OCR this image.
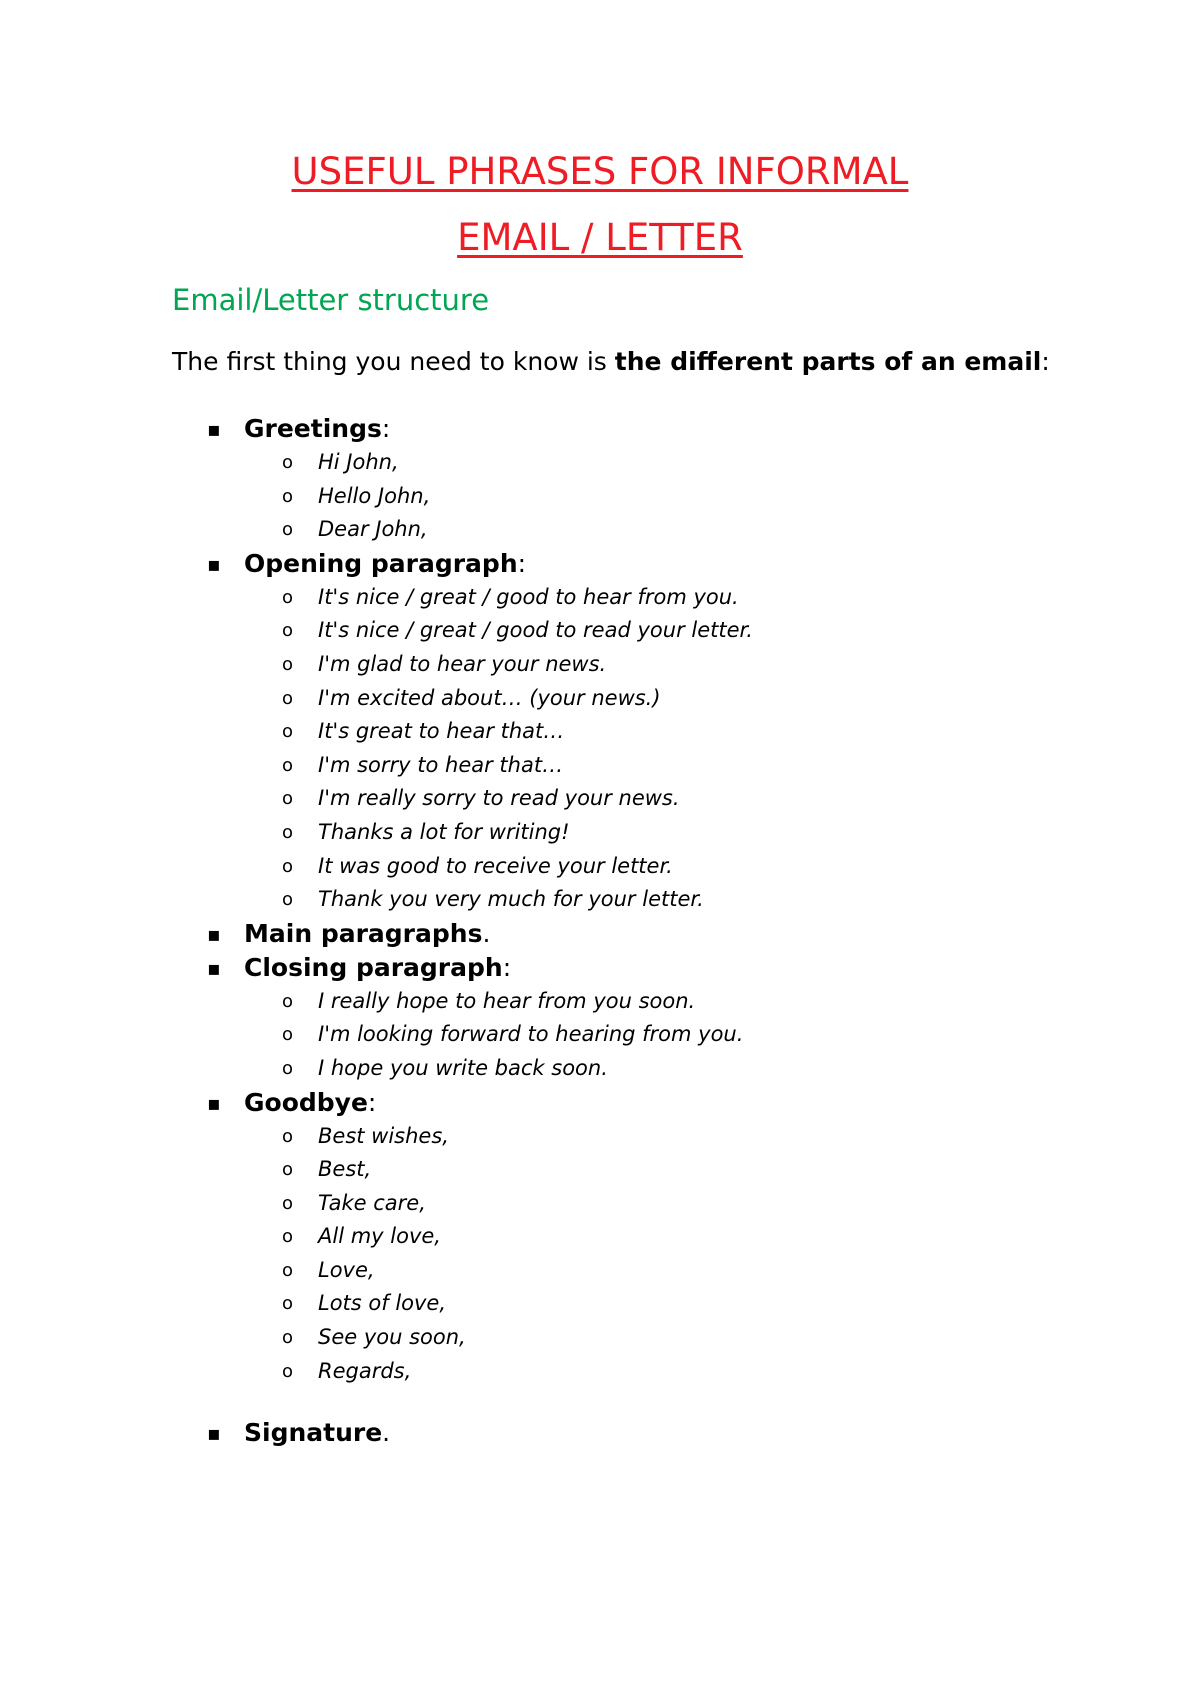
USEFUL PHRASES FOR INFORMAL
EMAIL / LETTER
Email/Letter structure

The first thing you need to know is the different parts of an email:

▪ Greetings:
o Hi John,
o Hello John,
o Dear John,
▪ Opening paragraph:
o It's nice / great / good to hear from you.
o It's nice / great / good to read your letter.
o I'm glad to hear your news.
o I'm excited about… (your news.)
o It's great to hear that…
o I'm sorry to hear that…
o I'm really sorry to read your news.
o Thanks a lot for writing!
o It was good to receive your letter.
o Thank you very much for your letter.
▪ Main paragraphs.
▪ Closing paragraph:
o I really hope to hear from you soon.
o I'm looking forward to hearing from you.
o I hope you write back soon.
▪ Goodbye:
o Best wishes,
o Best,
o Take care,
o All my love,
o Love,
o Lots of love,
o See you soon,
o Regards,
▪ Signature.
